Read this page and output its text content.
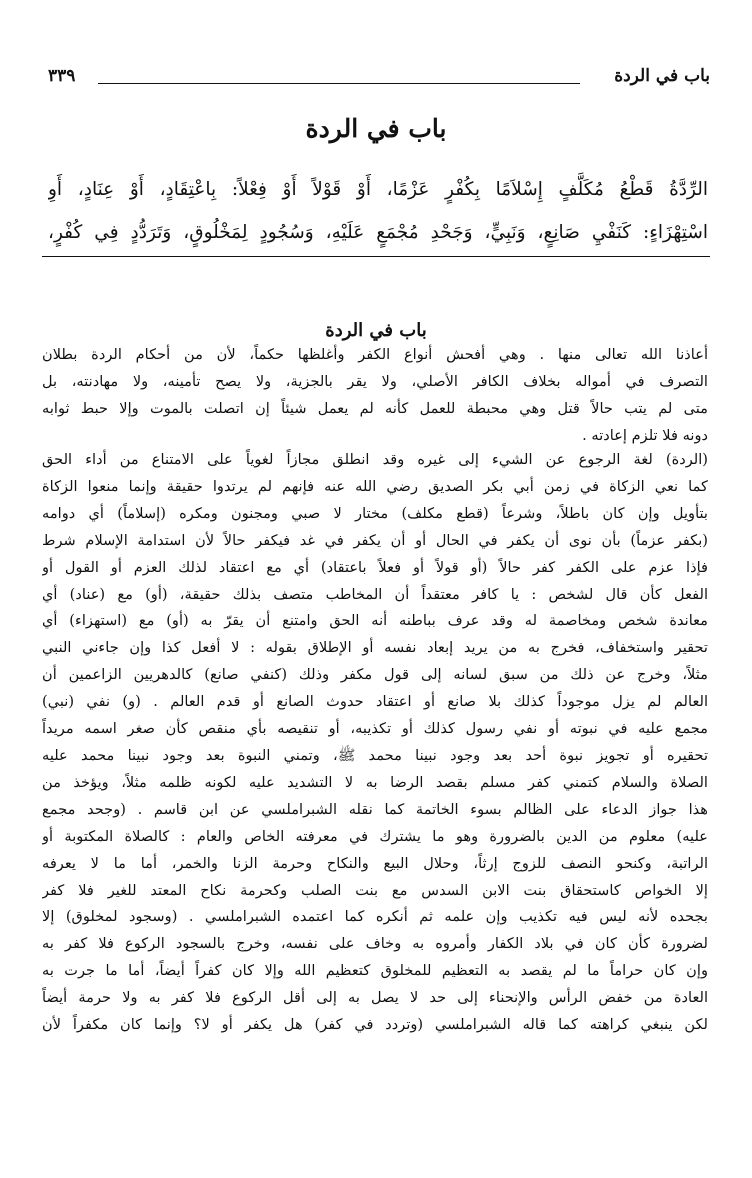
باب في الردة
٣٣٩
باب في الردة
الرِّدَّةُ قَطْعُ مُكَلَّفٍ إِسْلاَمًا بِكُفْرٍ عَزْمًا، أَوْ قَوْلاً أَوْ فِعْلاً: بِاعْتِقَادٍ، أَوْ عِنَادٍ، أَوِ
اسْتِهْزَاءٍ: كَنَفْيِ صَانِعٍ، وَنَبِيٍّ، وَجَحْدِ مُجْمَعٍ عَلَيْهِ، وَسُجُودٍ لِمَخْلُوقٍ، وَتَرَدُّدٍ فِي كُفْرٍ،
باب في الردة
أعاذنا الله تعالى منها . وهي أفحش أنواع الكفر وأغلظها حكماً، لأن من أحكام الردة بطلان
التصرف في أمواله بخلاف الكافر الأصلي، ولا يقر بالجزية، ولا يصح تأمينه، ولا مهادنته، بل
متى لم يتب حالاً قتل وهي محبطة للعمل كأنه لم يعمل شيئاً إن اتصلت بالموت وإلا حبط ثوابه
دونه فلا تلزم إعادته .
(الردة) لغة الرجوع عن الشيء إلى غيره وقد انطلق مجازاً لغوياً على الامتناع من أداء الحق
كما نعي الزكاة في زمن أبي بكر الصديق رضي الله عنه فإنهم لم يرتدوا حقيقة وإنما منعوا الزكاة
بتأويل وإن كان باطلاً، وشرعاً (قطع مكلف) مختار لا صبي ومجنون ومكره (إسلاماً) أي دوامه
(بكفر عزماً) بأن نوى أن يكفر في الحال أو أن يكفر في غد فيكفر حالاً لأن استدامة الإسلام شرط
فإذا عزم على الكفر كفر حالاً (أو قولاً أو فعلاً باعتقاد) أي مع اعتقاد لذلك العزم أو القول أو
الفعل كأن قال لشخص : يا كافر معتقداً أن المخاطب متصف بذلك حقيقة، (أو) مع (عناد) أي
معاندة شخص ومخاصمة له وقد عرف بباطنه أنه الحق وامتنع أن يقرّ به (أو) مع (استهزاء) أي
تحقير واستخفاف، فخرج به من يريد إبعاد نفسه أو الإطلاق بقوله : لا أفعل كذا وإن جاءني النبي
مثلاً، وخرج عن ذلك من سبق لسانه إلى قول مكفر وذلك (كنفي صانع) كالدهريين الزاعمين أن
العالم لم يزل موجوداً كذلك بلا صانع أو اعتقاد حدوث الصانع أو قدم العالم . (و) نفي (نبي)
مجمع عليه في نبوته أو نفي رسول كذلك أو تكذيبه، أو تنقيصه بأي منقص كأن صغر اسمه مريداً
تحقيره أو تجويز نبوة أحد بعد وجود نبينا محمد ﷺ، وتمني النبوة بعد وجود نبينا محمد عليه
الصلاة والسلام كتمني كفر مسلم بقصد الرضا به لا التشديد عليه لكونه ظلمه مثلاً، ويؤخذ من
هذا جواز الدعاء على الظالم بسوء الخاتمة كما نقله الشبراملسي عن ابن قاسم . (وجحد مجمع
عليه) معلوم من الدين بالضرورة وهو ما يشترك في معرفته الخاص والعام : كالصلاة المكتوبة أو
الراتبة، وكنحو النصف للزوج إرثاً، وحلال البيع والنكاح وحرمة الزنا والخمر، أما ما لا يعرفه
إلا الخواص كاستحقاق بنت الابن السدس مع بنت الصلب وكحرمة نكاح المعتد للغير فلا كفر
بجحده لأنه ليس فيه تكذيب وإن علمه ثم أنكره كما اعتمده الشبراملسي . (وسجود لمخلوق) إلا
لضرورة كأن كان في بلاد الكفار وأمروه به وخاف على نفسه، وخرج بالسجود الركوع فلا كفر به
وإن كان حراماً ما لم يقصد به التعظيم للمخلوق كتعظيم الله وإلا كان كفراً أيضاً، أما ما جرت به
العادة من خفض الرأس والإنحناء إلى حد لا يصل به إلى أقل الركوع فلا كفر به ولا حرمة أيضاً
لكن ينبغي كراهته كما قاله الشبراملسي (وتردد في كفر) هل يكفر أو لا؟ وإنما كان مكفراً لأن
